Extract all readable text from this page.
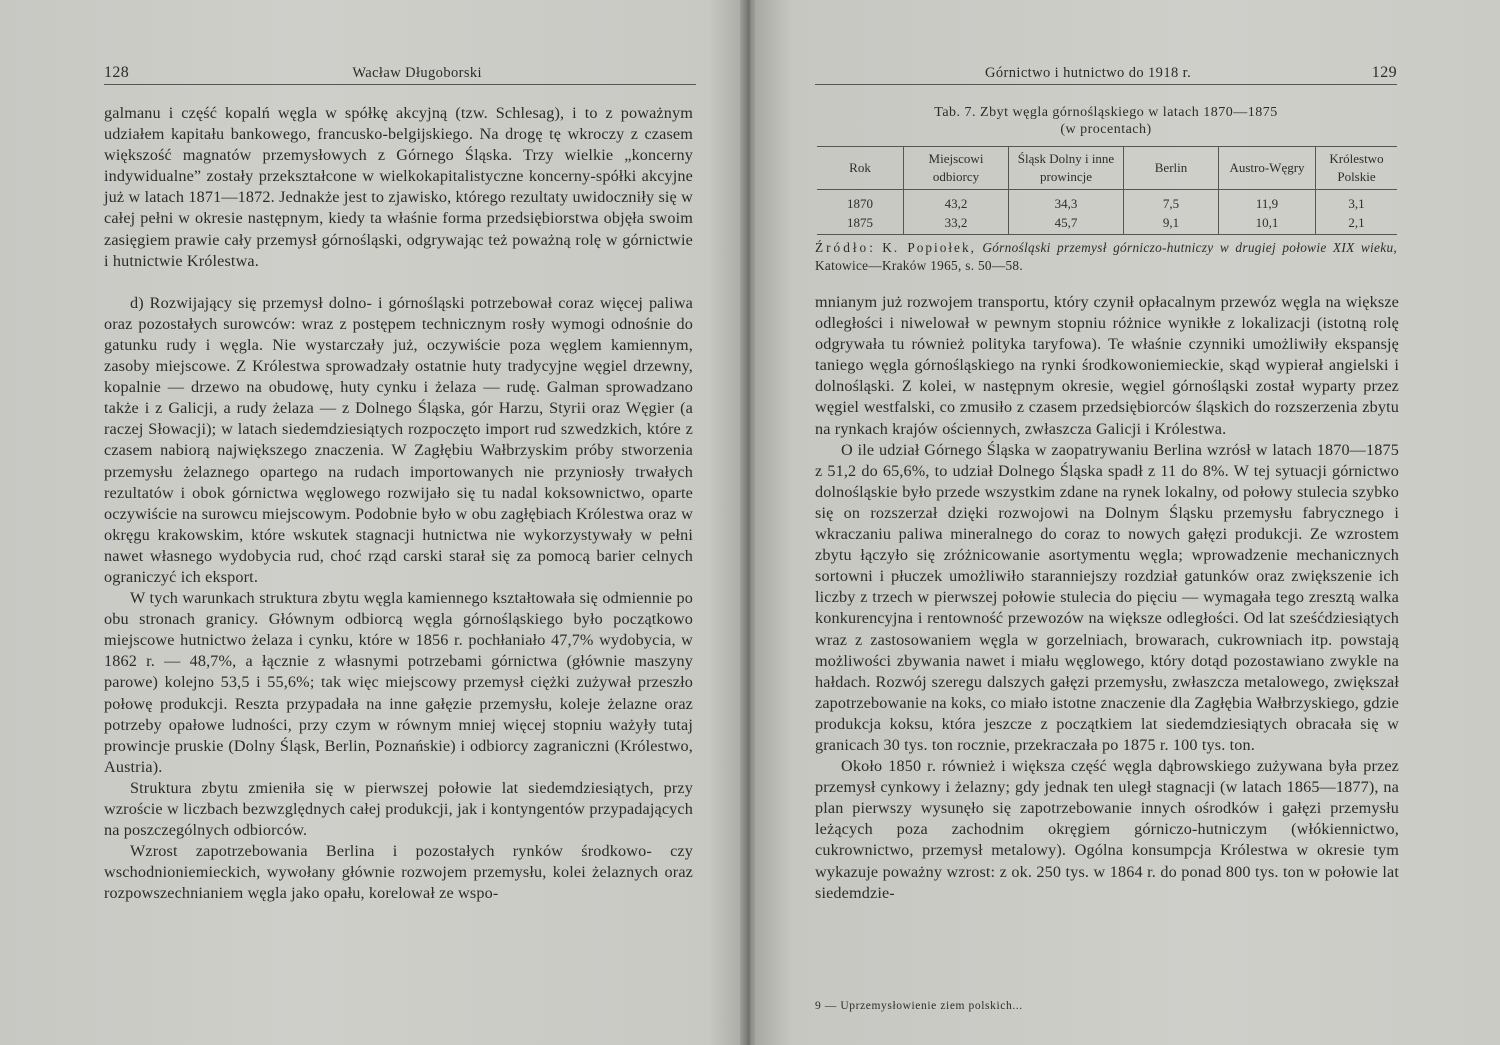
128	Wacław Długoborski

galmanu i część kopalń węgla w spółkę akcyjną (tzw. Schlesag), i to z poważnym udziałem kapitału bankowego, francusko-belgijskiego. Na drogę tę wkroczy z czasem większość magnatów przemysłowych z Górnego Śląska. Trzy wielkie „koncerny indywidualne” zostały przekształcone w wielkokapitalistyczne koncerny-spółki akcyjne już w latach 1871—1872. Jednakże jest to zjawisko, którego rezultaty uwidoczniły się w całej pełni w okresie następnym, kiedy ta właśnie forma przedsiębiorstwa objęła swoim zasięgiem prawie cały przemysł górnośląski, odgrywając też poważną rolę w górnictwie i hutnictwie Królestwa.

d) Rozwijający się przemysł dolno- i górnośląski potrzebował coraz więcej paliwa oraz pozostałych surowców: wraz z postępem technicznym rosły wymogi odnośnie do gatunku rudy i węgla. Nie wystarczały już, oczywiście poza węglem kamiennym, zasoby miejscowe. Z Królestwa sprowadzały ostatnie huty tradycyjne węgiel drzewny, kopalnie — drzewo na obudowę, huty cynku i żelaza — rudę. Galman sprowadzano także i z Galicji, a rudy żelaza — z Dolnego Śląska, gór Harzu, Styrii oraz Węgier (a raczej Słowacji); w latach siedemdziesiątych rozpoczęto import rud szwedzkich, które z czasem nabiorą największego znaczenia. W Zagłębiu Wałbrzyskim próby stworzenia przemysłu żelaznego opartego na rudach importowanych nie przyniosły trwałych rezultatów i obok górnictwa węglowego rozwijało się tu nadal koksownictwo, oparte oczywiście na surowcu miejscowym. Podobnie było w obu zagłębiach Królestwa oraz w okręgu krakowskim, które wskutek stagnacji hutnictwa nie wykorzystywały w pełni nawet własnego wydobycia rud, choć rząd carski starał się za pomocą barier celnych ograniczyć ich eksport.

W tych warunkach struktura zbytu węgla kamiennego kształtowała się odmiennie po obu stronach granicy. Głównym odbiorcą węgla górnośląskiego było początkowo miejscowe hutnictwo żelaza i cynku, które w 1856 r. pochłaniało 47,7% wydobycia, w 1862 r. — 48,7%, a łącznie z własnymi potrzebami górnictwa (głównie maszyny parowe) kolejno 53,5 i 55,6%; tak więc miejscowy przemysł ciężki zużywał przeszło połowę produkcji. Reszta przypadała na inne gałęzie przemysłu, koleje żelazne oraz potrzeby opałowe ludności, przy czym w równym mniej więcej stopniu ważyły tutaj prowincje pruskie (Dolny Śląsk, Berlin, Poznańskie) i odbiorcy zagraniczni (Królestwo, Austria).

Struktura zbytu zmieniła się w pierwszej połowie lat siedemdziesiątych, przy wzroście w liczbach bezwzględnych całej produkcji, jak i kontyngentów przypadających na poszczególnych odbiorców.

Wzrost zapotrzebowania Berlina i pozostałych rynków środkowo- czy wschodnioniemieckich, wywołany głównie rozwojem przemysłu, kolei żelaznych oraz rozpowszechnianiem węgla jako opału, korelował ze wspo-

Górnictwo i hutnictwo do 1918 r.	129
Tab. 7. Zbyt węgla górnośląskiego w latach 1870—1875
(w procentach)
Rok	Miejscowi odbiorcy	Śląsk Dolny i inne prowincje	Berlin	Austro-Węgry	Królestwo Polskie
1870	43,2	34,3	7,5	11,9	3,1
1875	33,2	45,7	9,1	10,1	2,1
Źródło: K. Popiołek, Górnośląski przemysł górniczo-hutniczy w drugiej połowie XIX wieku, Katowice—Kraków 1965, s. 50—58.

mnianym już rozwojem transportu, który czynił opłacalnym przewóz węgla na większe odległości i niwelował w pewnym stopniu różnice wynikłe z lokalizacji (istotną rolę odgrywała tu również polityka taryfowa). Te właśnie czynniki umożliwiły ekspansję taniego węgla górnośląskiego na rynki środkowoniemieckie, skąd wypierał angielski i dolnośląski. Z kolei, w następnym okresie, węgiel górnośląski został wyparty przez węgiel westfalski, co zmusiło z czasem przedsiębiorców śląskich do rozszerzenia zbytu na rynkach krajów ościennych, zwłaszcza Galicji i Królestwa.

O ile udział Górnego Śląska w zaopatrywaniu Berlina wzrósł w latach 1870—1875 z 51,2 do 65,6%, to udział Dolnego Śląska spadł z 11 do 8%. W tej sytuacji górnictwo dolnośląskie było przede wszystkim zdane na rynek lokalny, od połowy stulecia szybko się on rozszerzał dzięki rozwojowi na Dolnym Śląsku przemysłu fabrycznego i wkraczaniu paliwa mineralnego do coraz to nowych gałęzi produkcji. Ze wzrostem zbytu łączyło się zróżnicowanie asortymentu węgla; wprowadzenie mechanicznych sortowni i płuczek umożliwiło staranniejszy rozdział gatunków oraz zwiększenie ich liczby z trzech w pierwszej połowie stulecia do pięciu — wymagała tego zresztą walka konkurencyjna i rentowność przewozów na większe odległości. Od lat sześćdziesiątych wraz z zastosowaniem węgla w gorzelniach, browarach, cukrowniach itp. powstają możliwości zbywania nawet i miału węglowego, który dotąd pozostawiano zwykle na hałdach. Rozwój szeregu dalszych gałęzi przemysłu, zwłaszcza metalowego, zwiększał zapotrzebowanie na koks, co miało istotne znaczenie dla Zagłębia Wałbrzyskiego, gdzie produkcja koksu, która jeszcze z początkiem lat siedemdziesiątych obracała się w granicach 30 tys. ton rocznie, przekraczała po 1875 r. 100 tys. ton.

Około 1850 r. również i większa część węgla dąbrowskiego zużywana była przez przemysł cynkowy i żelazny; gdy jednak ten uległ stagnacji (w latach 1865—1877), na plan pierwszy wysunęło się zapotrzebowanie innych ośrodków i gałęzi przemysłu leżących poza zachodnim okręgiem górniczo-hutniczym (włókiennictwo, cukrownictwo, przemysł metalowy). Ogólna konsumpcja Królestwa w okresie tym wykazuje poważny wzrost: z ok. 250 tys. w 1864 r. do ponad 800 tys. ton w połowie lat siedemdzie-

9 — Uprzemysłowienie ziem polskich...
